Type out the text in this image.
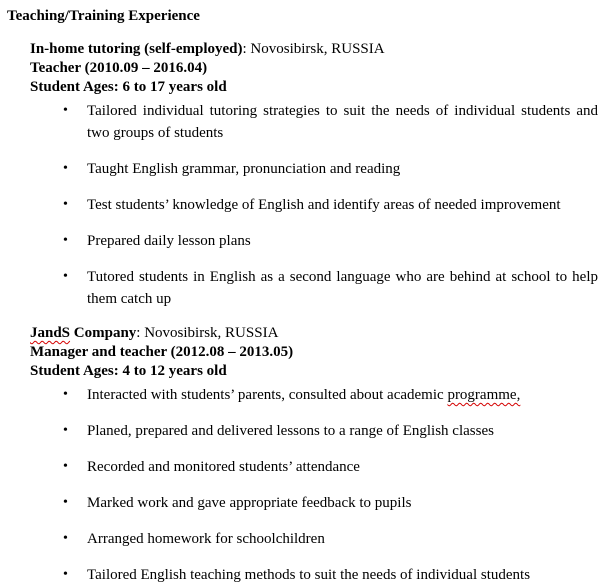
Teaching/Training Experience

In-home tutoring (self-employed): Novosibirsk, RUSSIA

Teacher (2010.09 – 2016.04)

Student Ages: 6 to 17 years old

•	Tailored individual tutoring strategies to suit the needs of individual students and two groups of students
•	Taught English grammar, pronunciation and reading
•	Test students’ knowledge of English and identify areas of needed improvement
•	Prepared daily lesson plans
•	Tutored students in English as a second language who are behind at school to help them catch up

JandS Company: Novosibirsk, RUSSIA

Manager and teacher (2012.08 – 2013.05)

Student Ages: 4 to 12 years old

•	Interacted with students’ parents, consulted about academic programme,
•	Planed, prepared and delivered lessons to a range of English classes
•	Recorded and monitored students’ attendance
•	Marked work and gave appropriate feedback to pupils
•	Arranged homework for schoolchildren
•	Tailored English teaching methods to suit the needs of individual students
